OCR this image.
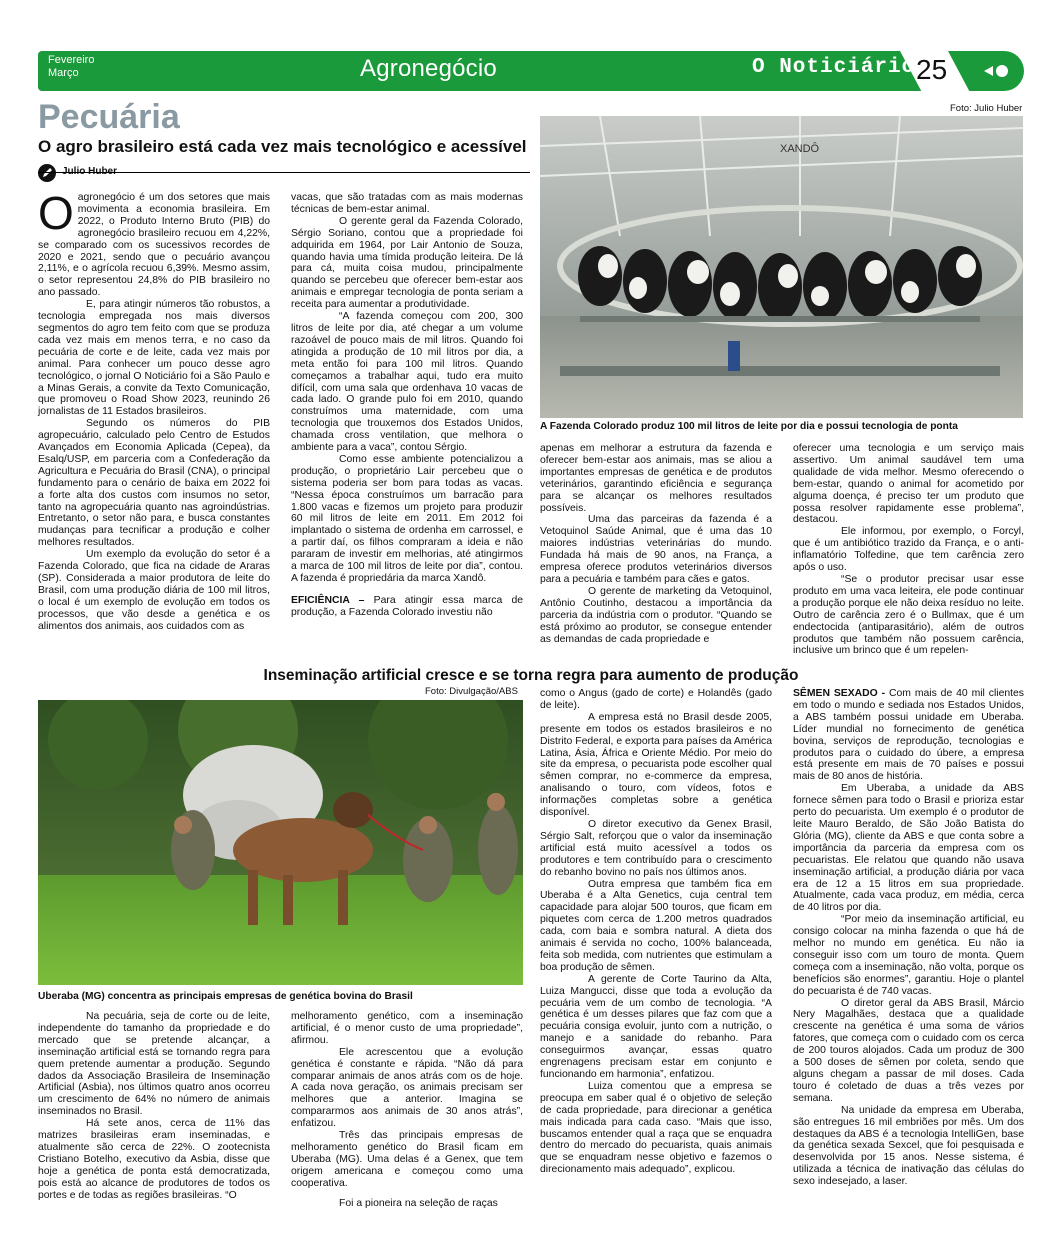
Fevereiro
Março	Agronegócio	O Noticiário 25
Pecuária
O agro brasileiro está cada vez mais tecnológico e acessível

Oagronegócio é um dos setores que mais movimenta a economia brasileira. Em 2022, o Produto Interno Bruto (PIB) do agronegócio brasileiro recuou em 4,22%, se comparado com os sucessivos recordes de 2020 e 2021, sendo que o pecuário avançou 2,11%, e o agrícola recuou 6,39%. Mesmo assim, o setor representou 24,8% do PIB brasileiro no ano passado.

E, para atingir números tão robustos, a tecnologia empregada nos mais diversos segmentos do agro tem feito com que se produza cada vez mais em menos terra, e no caso da pecuária de corte e de leite, cada vez mais por animal. Para conhecer um pouco desse agro tecnológico, o jornal O Noticiário foi a São Paulo e a Minas Gerais, a convite da Texto Comunicação, que promoveu o Road Show 2023, reunindo 26 jornalistas de 11 Estados brasileiros.

Segundo os números do PIB agropecuário, calculado pelo Centro de Estudos Avançados em Economia Aplicada (Cepea), da Esalq/USP, em parceria com a Confederação da Agricultura e Pecuária do Brasil (CNA), o principal fundamento para o cenário de baixa em 2022 foi a forte alta dos custos com insumos no setor, tanto na agropecuária quanto nas agroindústrias. Entretanto, o setor não para, e busca constantes mudanças para tecnificar a produção e colher melhores resultados.

Um exemplo da evolução do setor é a Fazenda Colorado, que fica na cidade de Araras (SP). Considerada a maior produtora de leite do Brasil, com uma produção diária de 100 mil litros, o local é um exemplo de evolução em todos os processos, que vão desde a genética e os alimentos dos animais, aos cuidados com as

vacas, que são tratadas com as mais modernas técnicas de bem-estar animal.

O gerente geral da Fazenda Colorado, Sérgio Soriano, contou que a propriedade foi adquirida em 1964, por Lair Antonio de Souza, quando havia uma tímida produção leiteira. De lá para cá, muita coisa mudou, principalmente quando se percebeu que oferecer bem-estar aos animais e empregar tecnologia de ponta seriam a receita para aumentar a produtividade.

“A fazenda começou com 200, 300 litros de leite por dia, até chegar a um volume razoável de pouco mais de mil litros. Quando foi atingida a produção de 10 mil litros por dia, a meta então foi para 100 mil litros. Quando começamos a trabalhar aqui, tudo era muito difícil, com uma sala que ordenhava 10 vacas de cada lado. O grande pulo foi em 2010, quando construímos uma maternidade, com uma tecnologia que trouxemos dos Estados Unidos, chamada cross ventilation, que melhora o ambiente para a vaca”, contou Sérgio.

Como esse ambiente potencializou a produção, o proprietário Lair percebeu que o sistema poderia ser bom para todas as vacas. “Nessa época construímos um barracão para 1.800 vacas e fizemos um projeto para produzir 60 mil litros de leite em 2011. Em 2012 foi implantado o sistema de ordenha em carrossel, e a partir daí, os filhos compraram a ideia e não pararam de investir em melhorias, até atingirmos a marca de 100 mil litros de leite por dia”, contou. A fazenda é propriedária da marca Xandô.

EFICIÊNCIA – Para atingir essa marca de produção, a Fazenda Colorado investiu não

Foto: Julio Huber
XANDÔ
A Fazenda Colorado produz 100 mil litros de leite por dia e possui tecnologia de ponta

apenas em melhorar a estrutura da fazenda e oferecer bem-estar aos animais, mas se aliou a importantes empresas de genética e de produtos veterinários, garantindo eficiência e segurança para se alcançar os melhores resultados possíveis.

Uma das parceiras da fazenda é a Vetoquinol Saúde Animal, que é uma das 10 maiores indústrias veterinárias do mundo. Fundada há mais de 90 anos, na França, a empresa oferece produtos veterinários diversos para a pecuária e também para cães e gatos.

O gerente de marketing da Vetoquinol, Antônio Coutinho, destacou a importância da parceria da indústria com o produtor. “Quando se está próximo ao produtor, se consegue entender as demandas de cada propriedade e

oferecer uma tecnologia e um serviço mais assertivo. Um animal saudável tem uma qualidade de vida melhor. Mesmo oferecendo o bem-estar, quando o animal for acometido por alguma doença, é preciso ter um produto que possa resolver rapidamente esse problema”, destacou.

Ele informou, por exemplo, o Forcyl, que é um antibiótico trazido da França, e o anti-inflamatório Tolfedine, que tem carência zero após o uso.

“Se o produtor precisar usar esse produto em uma vaca leiteira, ele pode continuar a produção porque ele não deixa resíduo no leite. Outro de carência zero é o Bullmax, que é um endectocida (antiparasitário), além de outros produtos que também não possuem carência, inclusive um brinco que é um repelen-

Inseminação artificial cresce e se torna regra para aumento de produção
Foto: Divulgação/ABS
Uberaba (MG) concentra as principais empresas de genética bovina do Brasil

Na pecuária, seja de corte ou de leite, independente do tamanho da propriedade e do mercado que se pretende alcançar, a inseminação artificial está se tornando regra para quem pretende aumentar a produção. Segundo dados da Associação Brasileira de Inseminação Artificial (Asbia), nos últimos quatro anos ocorreu um crescimento de 64% no número de animais inseminados no Brasil.

Há sete anos, cerca de 11% das matrizes brasileiras eram inseminadas, e atualmente são cerca de 22%. O zootecnista Cristiano Botelho, executivo da Asbia, disse que hoje a genética de ponta está democratizada, pois está ao alcance de produtores de todos os portes e de todas as regiões brasileiras. “O

melhoramento genético, com a inseminação artificial, é o menor custo de uma propriedade”, afirmou.

Ele acrescentou que a evolução genética é constante e rápida. “Não dá para comparar animais de anos atrás com os de hoje. A cada nova geração, os animais precisam ser melhores que a anterior. Imagina se compararmos aos animais de 30 anos atrás”, enfatizou.

Três das principais empresas de melhoramento genético do Brasil ficam em Uberaba (MG). Uma delas é a Genex, que tem origem americana e começou como uma cooperativa.

Foi a pioneira na seleção de raças

como o Angus (gado de corte) e Holandês (gado de leite).

A empresa está no Brasil desde 2005, presente em todos os estados brasileiros e no Distrito Federal, e exporta para países da América Latina, Ásia, África e Oriente Médio. Por meio do site da empresa, o pecuarista pode escolher qual sêmen comprar, no e-commerce da empresa, analisando o touro, com vídeos, fotos e informações completas sobre a genética disponível.

O diretor executivo da Genex Brasil, Sérgio Salt, reforçou que o valor da inseminação artificial está muito acessível a todos os produtores e tem contribuído para o crescimento do rebanho bovino no país nos últimos anos.

Outra empresa que também fica em Uberaba é a Alta Genetics, cuja central tem capacidade para alojar 500 touros, que ficam em piquetes com cerca de 1.200 metros quadrados cada, com baia e sombra natural. A dieta dos animais é servida no cocho, 100% balanceada, feita sob medida, com nutrientes que estimulam a boa produção de sêmen.

A gerente de Corte Taurino da Alta, Luiza Manguccі, disse que toda a evolução da pecuária vem de um combo de tecnologia. “A genética é um desses pilares que faz com que a pecuária consiga evoluir, junto com a nutrição, o manejo e a sanidade do rebanho. Para conseguirmos avançar, essas quatro engrenagens precisam estar em conjunto e funcionando em harmonia”, enfatizou.

Luiza comentou que a empresa se preocupa em saber qual é o objetivo de seleção de cada propriedade, para direcionar a genética mais indicada para cada caso. “Mais que isso, buscamos entender qual a raça que se enquadra dentro do mercado do pecuarista, quais animais que se enquadram nesse objetivo e fazemos o direcionamento mais adequado”, explicou.

SÊMEN SEXADO - Com mais de 40 mil clientes em todo o mundo e sediada nos Estados Unidos, a ABS também possui unidade em Uberaba. Líder mundial no fornecimento de genética bovina, serviços de reprodução, tecnologias e produtos para o cuidado do úbere, a empresa está presente em mais de 70 países e possui mais de 80 anos de história.

Em Uberaba, a unidade da ABS fornece sêmen para todo o Brasil e prioriza estar perto do pecuarista. Um exemplo é o produtor de leite Mauro Beraldo, de São João Batista do Glória (MG), cliente da ABS e que conta sobre a importância da parceria da empresa com os pecuaristas. Ele relatou que quando não usava inseminação artificial, a produção diária por vaca era de 12 a 15 litros em sua propriedade. Atualmente, cada vaca produz, em média, cerca de 40 litros por dia.

“Por meio da inseminação artificial, eu consigo colocar na minha fazenda o que há de melhor no mundo em genética. Eu não ia conseguir isso com um touro de monta. Quem começa com a inseminação, não volta, porque os benefícios são enormes”, garantiu. Hoje o plantel do pecuarista é de 740 vacas.

O diretor geral da ABS Brasil, Márcio Nery Magalhães, destaca que a qualidade crescente na genética é uma soma de vários fatores, que começa com o cuidado com os cerca de 200 touros alojados. Cada um produz de 300 a 500 doses de sêmen por coleta, sendo que alguns chegam a passar de mil doses. Cada touro é coletado de duas a três vezes por semana.

Na unidade da empresa em Uberaba, são entregues 16 mil embriões por mês. Um dos destaques da ABS é a tecnologia IntelliGen, base da genética sexada Sexcel, que foi pesquisada e desenvolvida por 15 anos. Nesse sistema, é utilizada a técnica de inativação das células do sexo indesejado, a laser.
